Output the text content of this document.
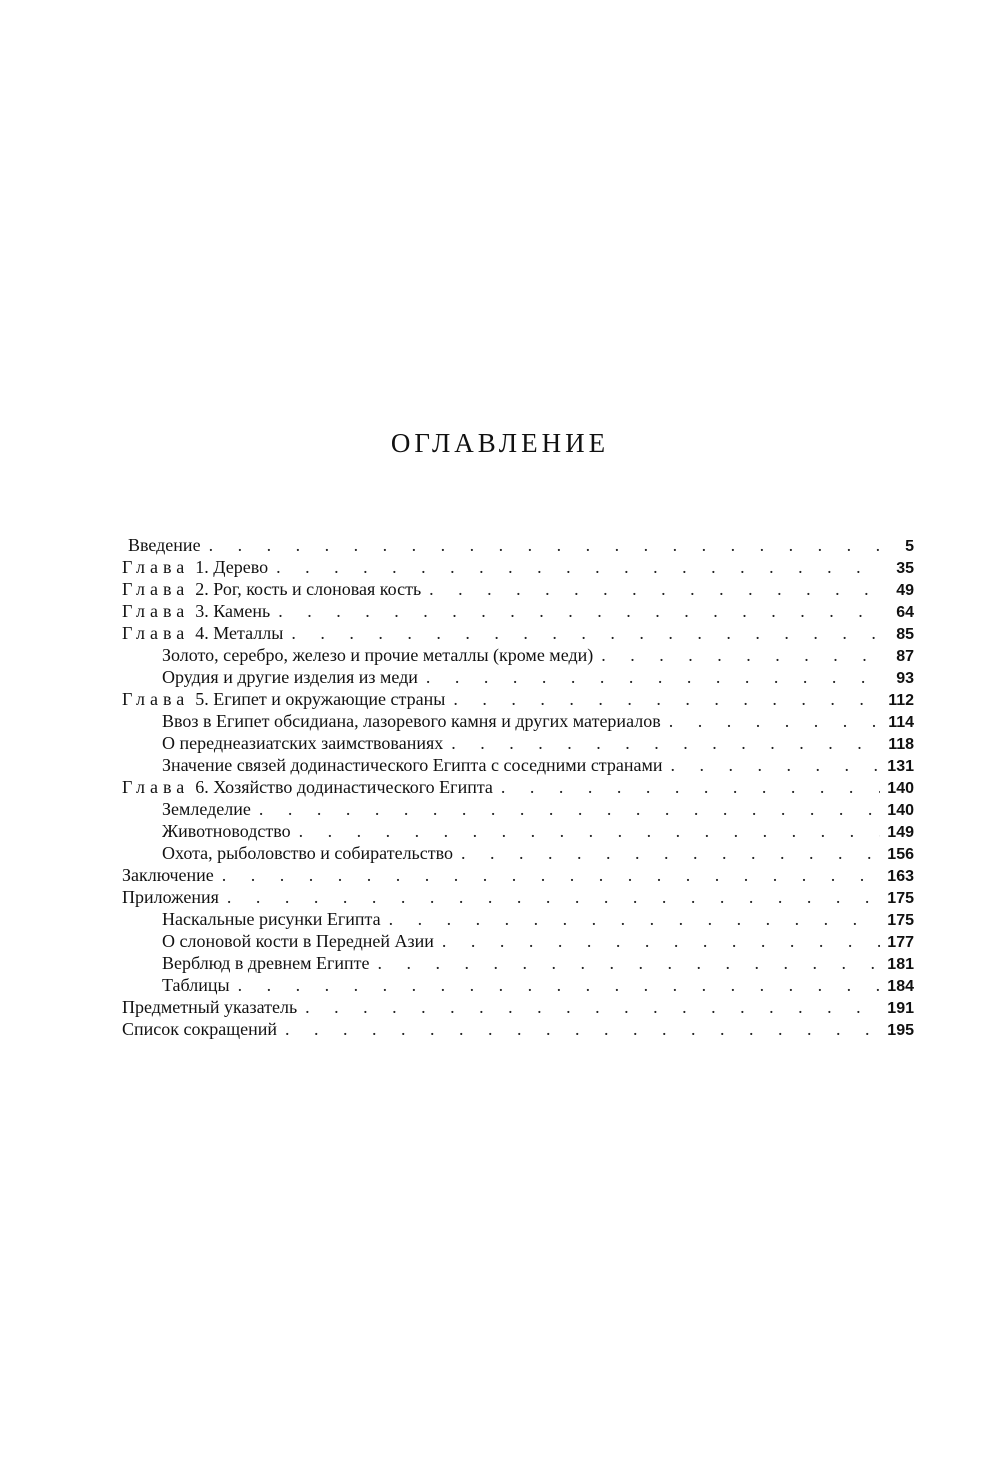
ОГЛАВЛЕНИЕ
Введение . . .	5
Глава 1. Дерево . . .	35
Глава 2. Рог, кость и слоновая кость . . .	49
Глава 3. Камень . . .	64
Глава 4. Металлы . . .	85
Золото, серебро, железо и прочие металлы (кроме меди) . . .	87
Орудия и другие изделия из меди . . .	93
Глава 5. Египет и окружающие страны . . .	112
Ввоз в Египет обсидиана, лазоревого камня и других материалов . . .	114
О переднеазиатских заимствованиях . . .	118
Значение связей додинастического Египта с соседними странами . . .	131
Глава 6. Хозяйство додинастического Египта . . .	140
Земледелие . . .	140
Животноводство . . .	149
Охота, рыболовство и собирательство . . .	156
Заключение . . .	163
Приложения . . .	175
Наскальные рисунки Египта . . .	175
О слоновой кости в Передней Азии . . .	177
Верблюд в древнем Египте . . .	181
Таблицы . . .	184
Предметный указатель . . .	191
Список сокращений . . .	195
